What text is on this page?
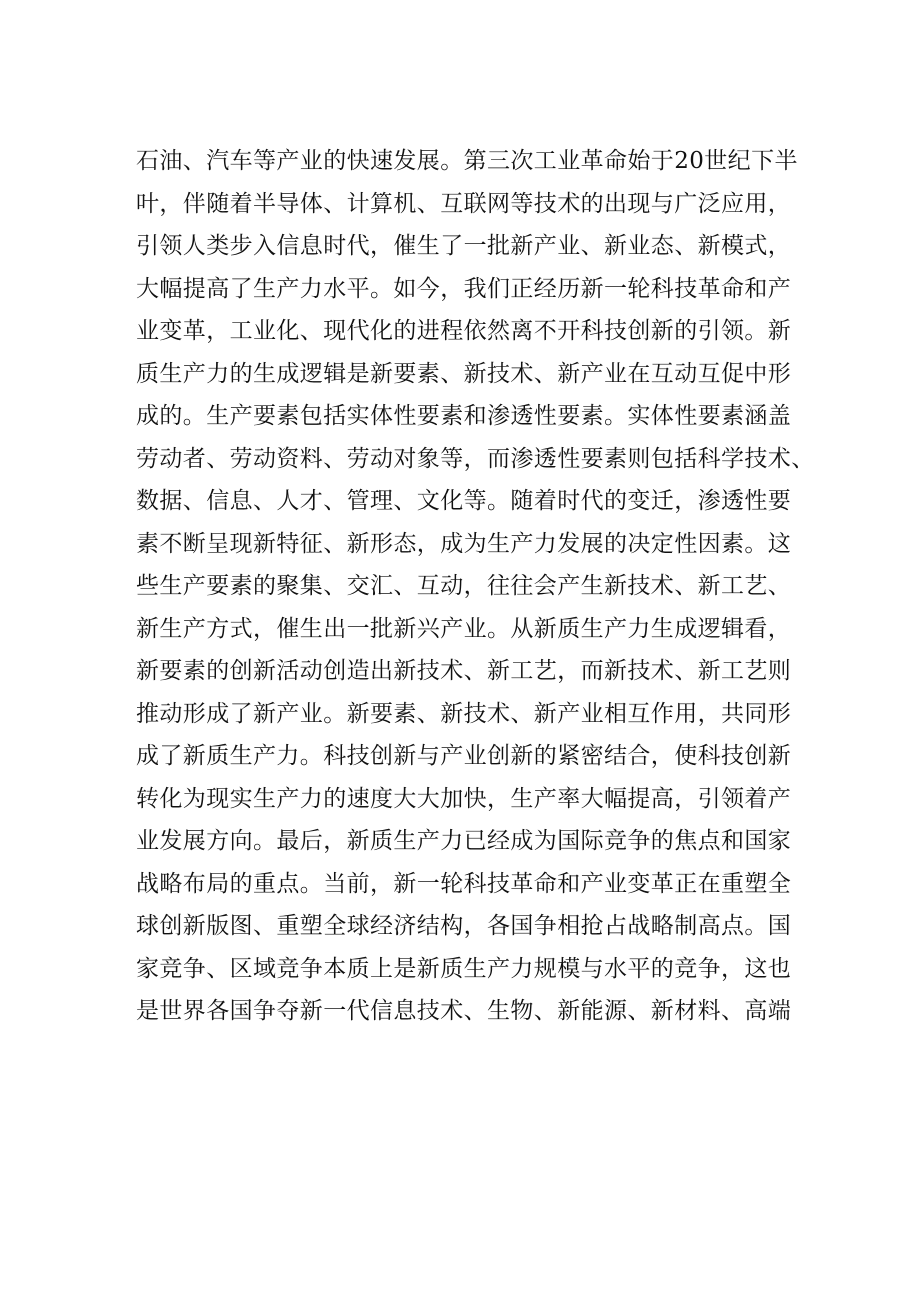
石油、汽车等产业的快速发展。第三次工业革命始于20世纪下半
叶，伴随着半导体、计算机、互联网等技术的出现与广泛应用，
引领人类步入信息时代，催生了一批新产业、新业态、新模式，
大幅提高了生产力水平。如今，我们正经历新一轮科技革命和产
业变革，工业化、现代化的进程依然离不开科技创新的引领。新
质生产力的生成逻辑是新要素、新技术、新产业在互动互促中形
成的。生产要素包括实体性要素和渗透性要素。实体性要素涵盖
劳动者、劳动资料、劳动对象等，而渗透性要素则包括科学技术、
数据、信息、人才、管理、文化等。随着时代的变迁，渗透性要
素不断呈现新特征、新形态，成为生产力发展的决定性因素。这
些生产要素的聚集、交汇、互动，往往会产生新技术、新工艺、
新生产方式，催生出一批新兴产业。从新质生产力生成逻辑看，
新要素的创新活动创造出新技术、新工艺，而新技术、新工艺则
推动形成了新产业。新要素、新技术、新产业相互作用，共同形
成了新质生产力。科技创新与产业创新的紧密结合，使科技创新
转化为现实生产力的速度大大加快，生产率大幅提高，引领着产
业发展方向。最后，新质生产力已经成为国际竞争的焦点和国家
战略布局的重点。当前，新一轮科技革命和产业变革正在重塑全
球创新版图、重塑全球经济结构，各国争相抢占战略制高点。国
家竞争、区域竞争本质上是新质生产力规模与水平的竞争，这也
是世界各国争夺新一代信息技术、生物、新能源、新材料、高端
